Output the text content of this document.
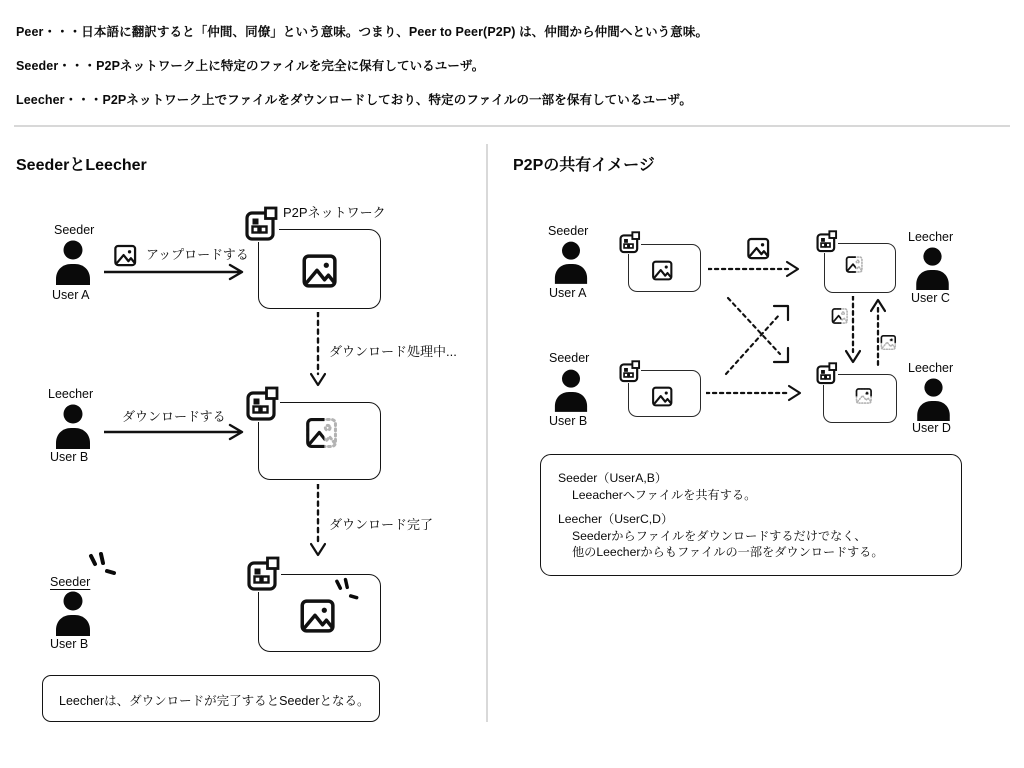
Peer・・・日本語に翻訳すると「仲間、同僚」という意味。つまり、Peer to Peer(P2P) は、仲間から仲間へという意味。
Seeder・・・P2Pネットワーク上に特定のファイルを完全に保有しているユーザ。
Leecher・・・P2Pネットワーク上でファイルをダウンロードしており、特定のファイルの一部を保有しているユーザ。
SeederとLeecher
Seeder
User A
アップロードする
P2Pネットワーク
ダウンロード処理中...
Leecher
User B
ダウンロードする
ダウンロード完了
Seeder
User B
Leecherは、ダウンロードが完了するとSeederとなる。
P2Pの共有イメージ
Seeder
User A
Leecher
User C
Seeder
User B
Leecher
User D
Seeder（UserA,B）
Leeacherへファイルを共有する。
Leecher（UserC,D）
Seederからファイルをダウンロードするだけでなく、
他のLeecherからもファイルの一部をダウンロードする。
